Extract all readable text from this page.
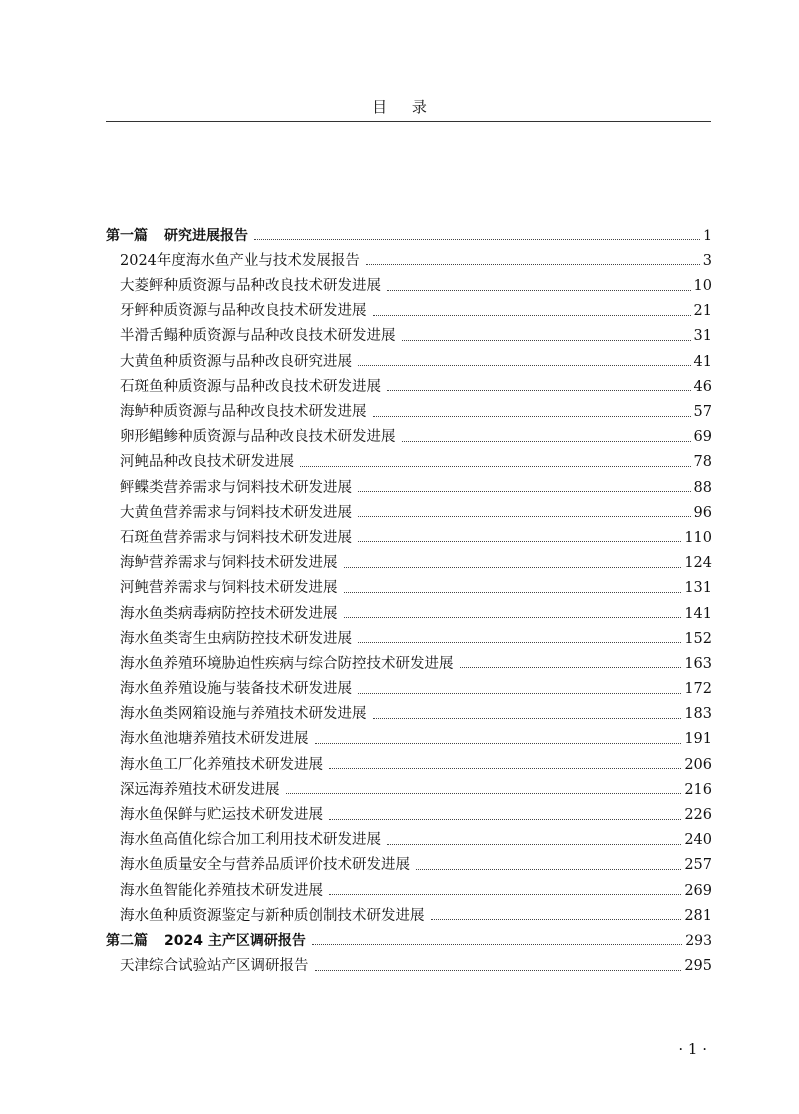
目 录
第一篇 研究进展报告	1
2024年度海水鱼产业与技术发展报告	3
大菱鲆种质资源与品种改良技术研发进展	10
牙鲆种质资源与品种改良技术研发进展	21
半滑舌鳎种质资源与品种改良技术研发进展	31
大黄鱼种质资源与品种改良研究进展	41
石斑鱼种质资源与品种改良技术研发进展	46
海鲈种质资源与品种改良技术研发进展	57
卵形鲳鲹种质资源与品种改良技术研发进展	69
河鲀品种改良技术研发进展	78
鲆鲽类营养需求与饲料技术研发进展	88
大黄鱼营养需求与饲料技术研发进展	96
石斑鱼营养需求与饲料技术研发进展	110
海鲈营养需求与饲料技术研发进展	124
河鲀营养需求与饲料技术研发进展	131
海水鱼类病毒病防控技术研发进展	141
海水鱼类寄生虫病防控技术研发进展	152
海水鱼养殖环境胁迫性疾病与综合防控技术研发进展	163
海水鱼养殖设施与装备技术研发进展	172
海水鱼类网箱设施与养殖技术研发进展	183
海水鱼池塘养殖技术研发进展	191
海水鱼工厂化养殖技术研发进展	206
深远海养殖技术研发进展	216
海水鱼保鲜与贮运技术研发进展	226
海水鱼高值化综合加工利用技术研发进展	240
海水鱼质量安全与营养品质评价技术研发进展	257
海水鱼智能化养殖技术研发进展	269
海水鱼种质资源鉴定与新种质创制技术研发进展	281
第二篇 2024 主产区调研报告	293
天津综合试验站产区调研报告	295
· 1 ·
